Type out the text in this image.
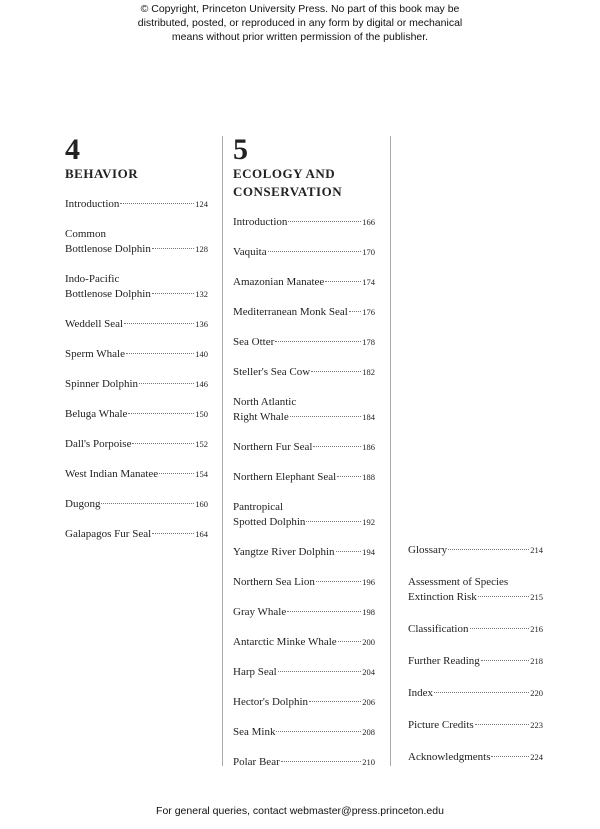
© Copyright, Princeton University Press. No part of this book may be
distributed, posted, or reproduced in any form by digital or mechanical
means without prior written permission of the publisher.
4
BEHAVIOR
Introduction	124
Common
Bottlenose Dolphin	128
Indo-Pacific
Bottlenose Dolphin	132
Weddell Seal	136
Sperm Whale	140
Spinner Dolphin	146
Beluga Whale	150
Dall's Porpoise	152
West Indian Manatee	154
Dugong	160
Galapagos Fur Seal	164
5
ECOLOGY AND
CONSERVATION
Introduction	166
Vaquita	170
Amazonian Manatee	174
Mediterranean Monk Seal 176
Sea Otter	178
Steller's Sea Cow	182
North Atlantic
Right Whale	184
Northern Fur Seal	186
Northern Elephant Seal	188
Pantropical
Spotted Dolphin	192
Yangtze River Dolphin	194
Northern Sea Lion	196
Gray Whale	198
Antarctic Minke Whale	200
Harp Seal	204
Hector's Dolphin	206
Sea Mink	208
Polar Bear	210
Glossary	214
Assessment of Species
Extinction Risk	215
Classification	216
Further Reading	218
Index	220
Picture Credits	223
Acknowledgments	224
For general queries, contact webmaster@press.princeton.edu
